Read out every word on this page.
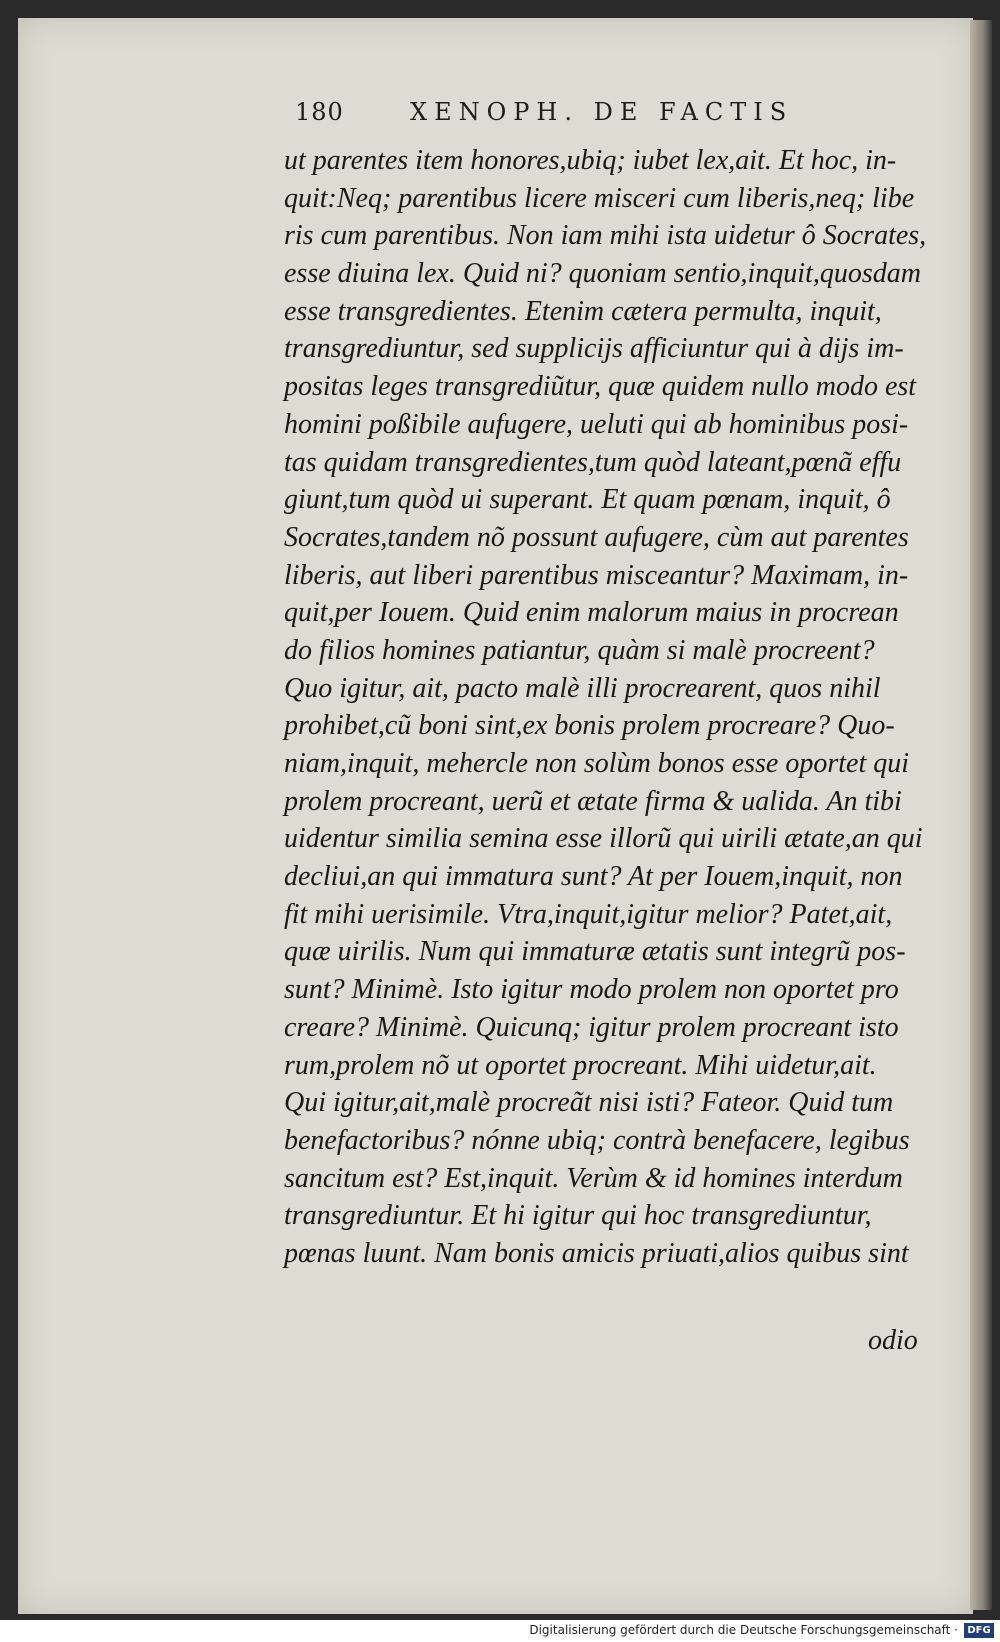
180	XENOPH. DE FACTIS
ut parentes item honores,ubiq; iubet lex,ait. Et hoc, in-
quit:Neq; parentibus licere misceri cum liberis,neq; libe
ris cum parentibus. Non iam mihi ista uidetur ô Socrates,
esse diuina lex. Quid ni? quoniam sentio,inquit,quosdam
esse transgredientes. Etenim cætera permulta, inquit,
transgrediuntur, sed supplicijs afficiuntur qui à dijs im-
positas leges transgrediũtur, quæ quidem nullo modo est
homini poßibile aufugere, ueluti qui ab hominibus posi-
tas quidam transgredientes,tum quòd lateant,pœnã effu
giunt,tum quòd ui superant. Et quam pœnam, inquit, ô
Socrates,tandem nõ possunt aufugere, cùm aut parentes
liberis, aut liberi parentibus misceantur? Maximam, in-
quit,per Iouem. Quid enim malorum maius in procrean
do filios homines patiantur, quàm si malè procreent?
Quo igitur, ait, pacto malè illi procrearent, quos nihil
prohibet,cũ boni sint,ex bonis prolem procreare? Quo-
niam,inquit, mehercle non solùm bonos esse oportet qui
prolem procreant, uerũ et ætate firma & ualida. An tibi
uidentur similia semina esse illorũ qui uirili ætate,an qui
decliui,an qui immatura sunt? At per Iouem,inquit, non
fit mihi uerisimile. Vtra,inquit,igitur melior? Patet,ait,
quæ uirilis. Num qui immaturæ ætatis sunt integrũ pos-
sunt? Minimè. Isto igitur modo prolem non oportet pro
creare? Minimè. Quicunq; igitur prolem procreant isto
rum,prolem nõ ut oportet procreant. Mihi uidetur,ait.
Qui igitur,ait,malè procreãt nisi isti? Fateor. Quid tum
benefactoribus? nónne ubiq; contrà benefacere, legibus
sancitum est? Est,inquit. Verùm & id homines interdum
transgrediuntur. Et hi igitur qui hoc transgrediuntur,
pœnas luunt. Nam bonis amicis priuati,alios quibus sint
odio
Digitalisierung gefördert durch die Deutsche Forschungsgemeinschaft · DFG
